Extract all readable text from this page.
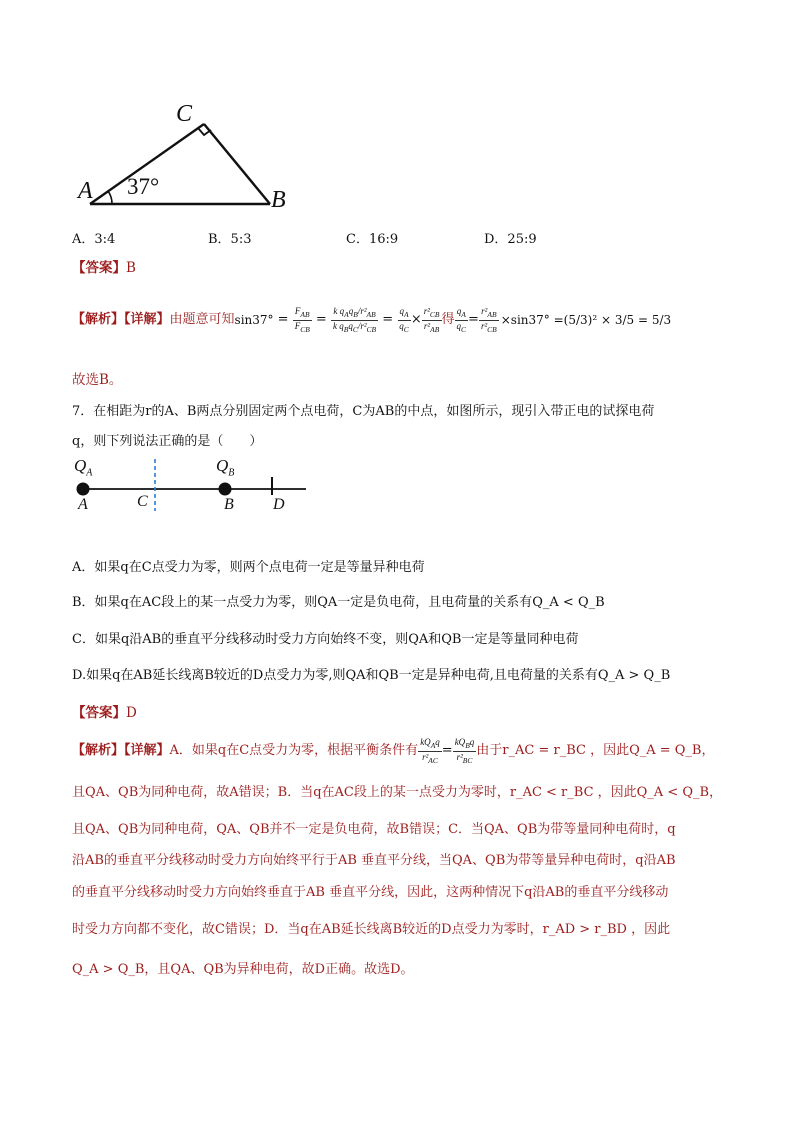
C
A	B
37°
A．3:4	B．5:3	C．16:9	D．25:9
【答案】B
【解析】【详解】 由题意可知 $\sin 37^\circ = \frac{F_{AB}}{F_{CB}} = \frac{k q_Aq_B/r^2_{AB}}{k q_Bq_C/r^2_{CB}} = \frac{q_A}{q_C} \times \frac{r^2_{CB}}{r^2_{AB}}$ 得 $\frac{q_A}{q_C} = \frac{r^2_{AB}}{r^2_{CB}} \times\sin 37^\circ =(5/3)^2 \times 3/5 = 5/3$
故选B。
7．在相距为r的A、B两点分别固定两个点电荷，C为AB的中点，如图所示，现引入带正电的试探电荷
q，则下列说法正确的是（　　）
$Q_A$	$Q_B$
A	C	B D
A．如果q在C点受力为零，则两个点电荷一定是等量异种电荷
B．如果q在AC段上的某一点受力为零，则QA一定是负电荷，且电荷量的关系有Q_A < Q_B
C．如果q沿AB的垂直平分线移动时受力方向始终不变，则QA和QB一定是等量同种电荷
D.如果q在AB延长线离B较近的D点受力为零,则QA和QB一定是异种电荷,且电荷量的关系有Q_A > Q_B
【答案】D
【解析】【详解】 A．如果q在C点受力为零，根据平衡条件有 $\frac{kQ_Aq}{r^2_{AC}} = \frac{kQ_Bq}{r^2_{BC}}$ 由于r_AC = r_BC ，因此Q_A = Q_B，
且QA、QB为同种电荷，故A错误；B．当q在AC段上的某一点受力为零时，r_AC < r_BC ，因此Q_A < Q_B，
且QA、QB为同种电荷，QA、QB并不一定是负电荷，故B错误；C．当QA、QB为带等量同种电荷时，q
沿AB的垂直平分线移动时受力方向始终平行于AB 垂直平分线，当QA、QB为带等量异种电荷时，q沿AB
的垂直平分线移动时受力方向始终垂直于AB 垂直平分线，因此，这两种情况下q沿AB的垂直平分线移动
时受力方向都不变化，故C错误；D．当q在AB延长线离B较近的D点受力为零时，r_AD > r_BD ，因此
Q_A > Q_B，且QA、QB为异种电荷，故D正确。故选D。
